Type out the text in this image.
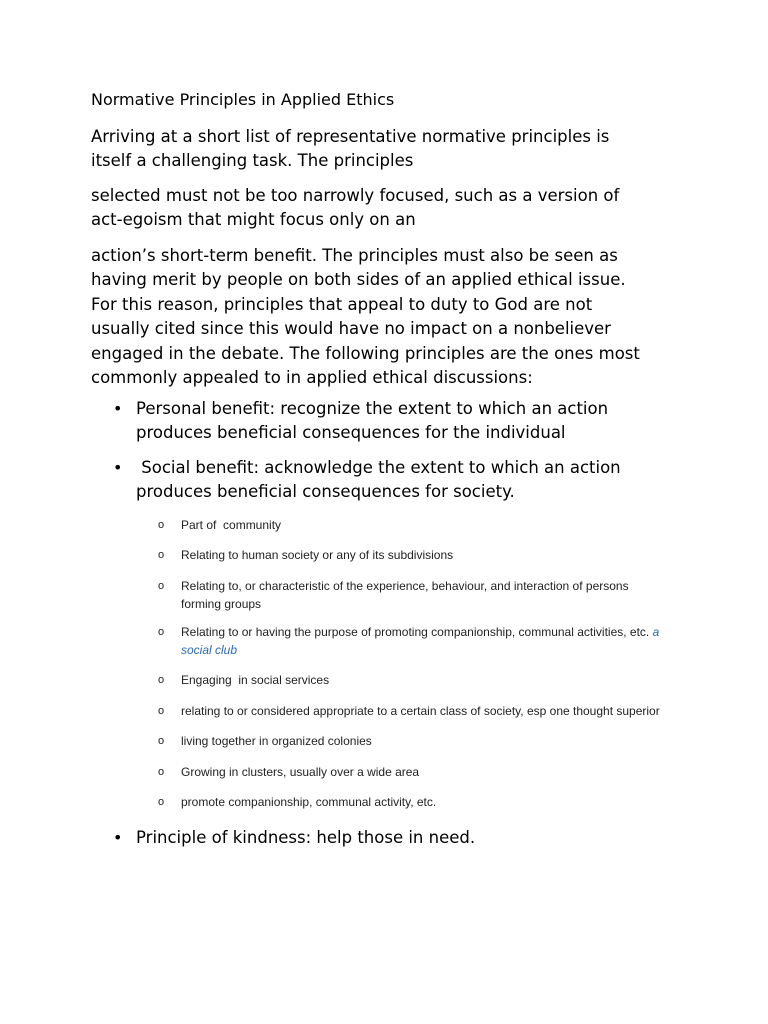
Normative Principles in Applied Ethics
Arriving at a short list of representative normative principles is
itself a challenging task. The principles
selected must not be too narrowly focused, such as a version of
act-egoism that might focus only on an
action’s short-term benefit. The principles must also be seen as
having merit by people on both sides of an applied ethical issue.
For this reason, principles that appeal to duty to God are not
usually cited since this would have no impact on a nonbeliever
engaged in the debate. The following principles are the ones most
commonly appealed to in applied ethical discussions:
• Personal benefit: recognize the extent to which an action
produces beneficial consequences for the individual
• Social benefit: acknowledge the extent to which an action
produces beneficial consequences for society.
o Part of  community
o Relating to human society or any of its subdivisions
o Relating to, or characteristic of the experience, behaviour, and interaction of persons
forming groups
o Relating to or having the purpose of promoting companionship, communal activities, etc. a
social club
o Engaging  in social services
o relating to or considered appropriate to a certain class of society, esp one thought superior
o living together in organized colonies
o Growing in clusters, usually over a wide area
o promote companionship, communal activity, etc.
• Principle of kindness: help those in need.
